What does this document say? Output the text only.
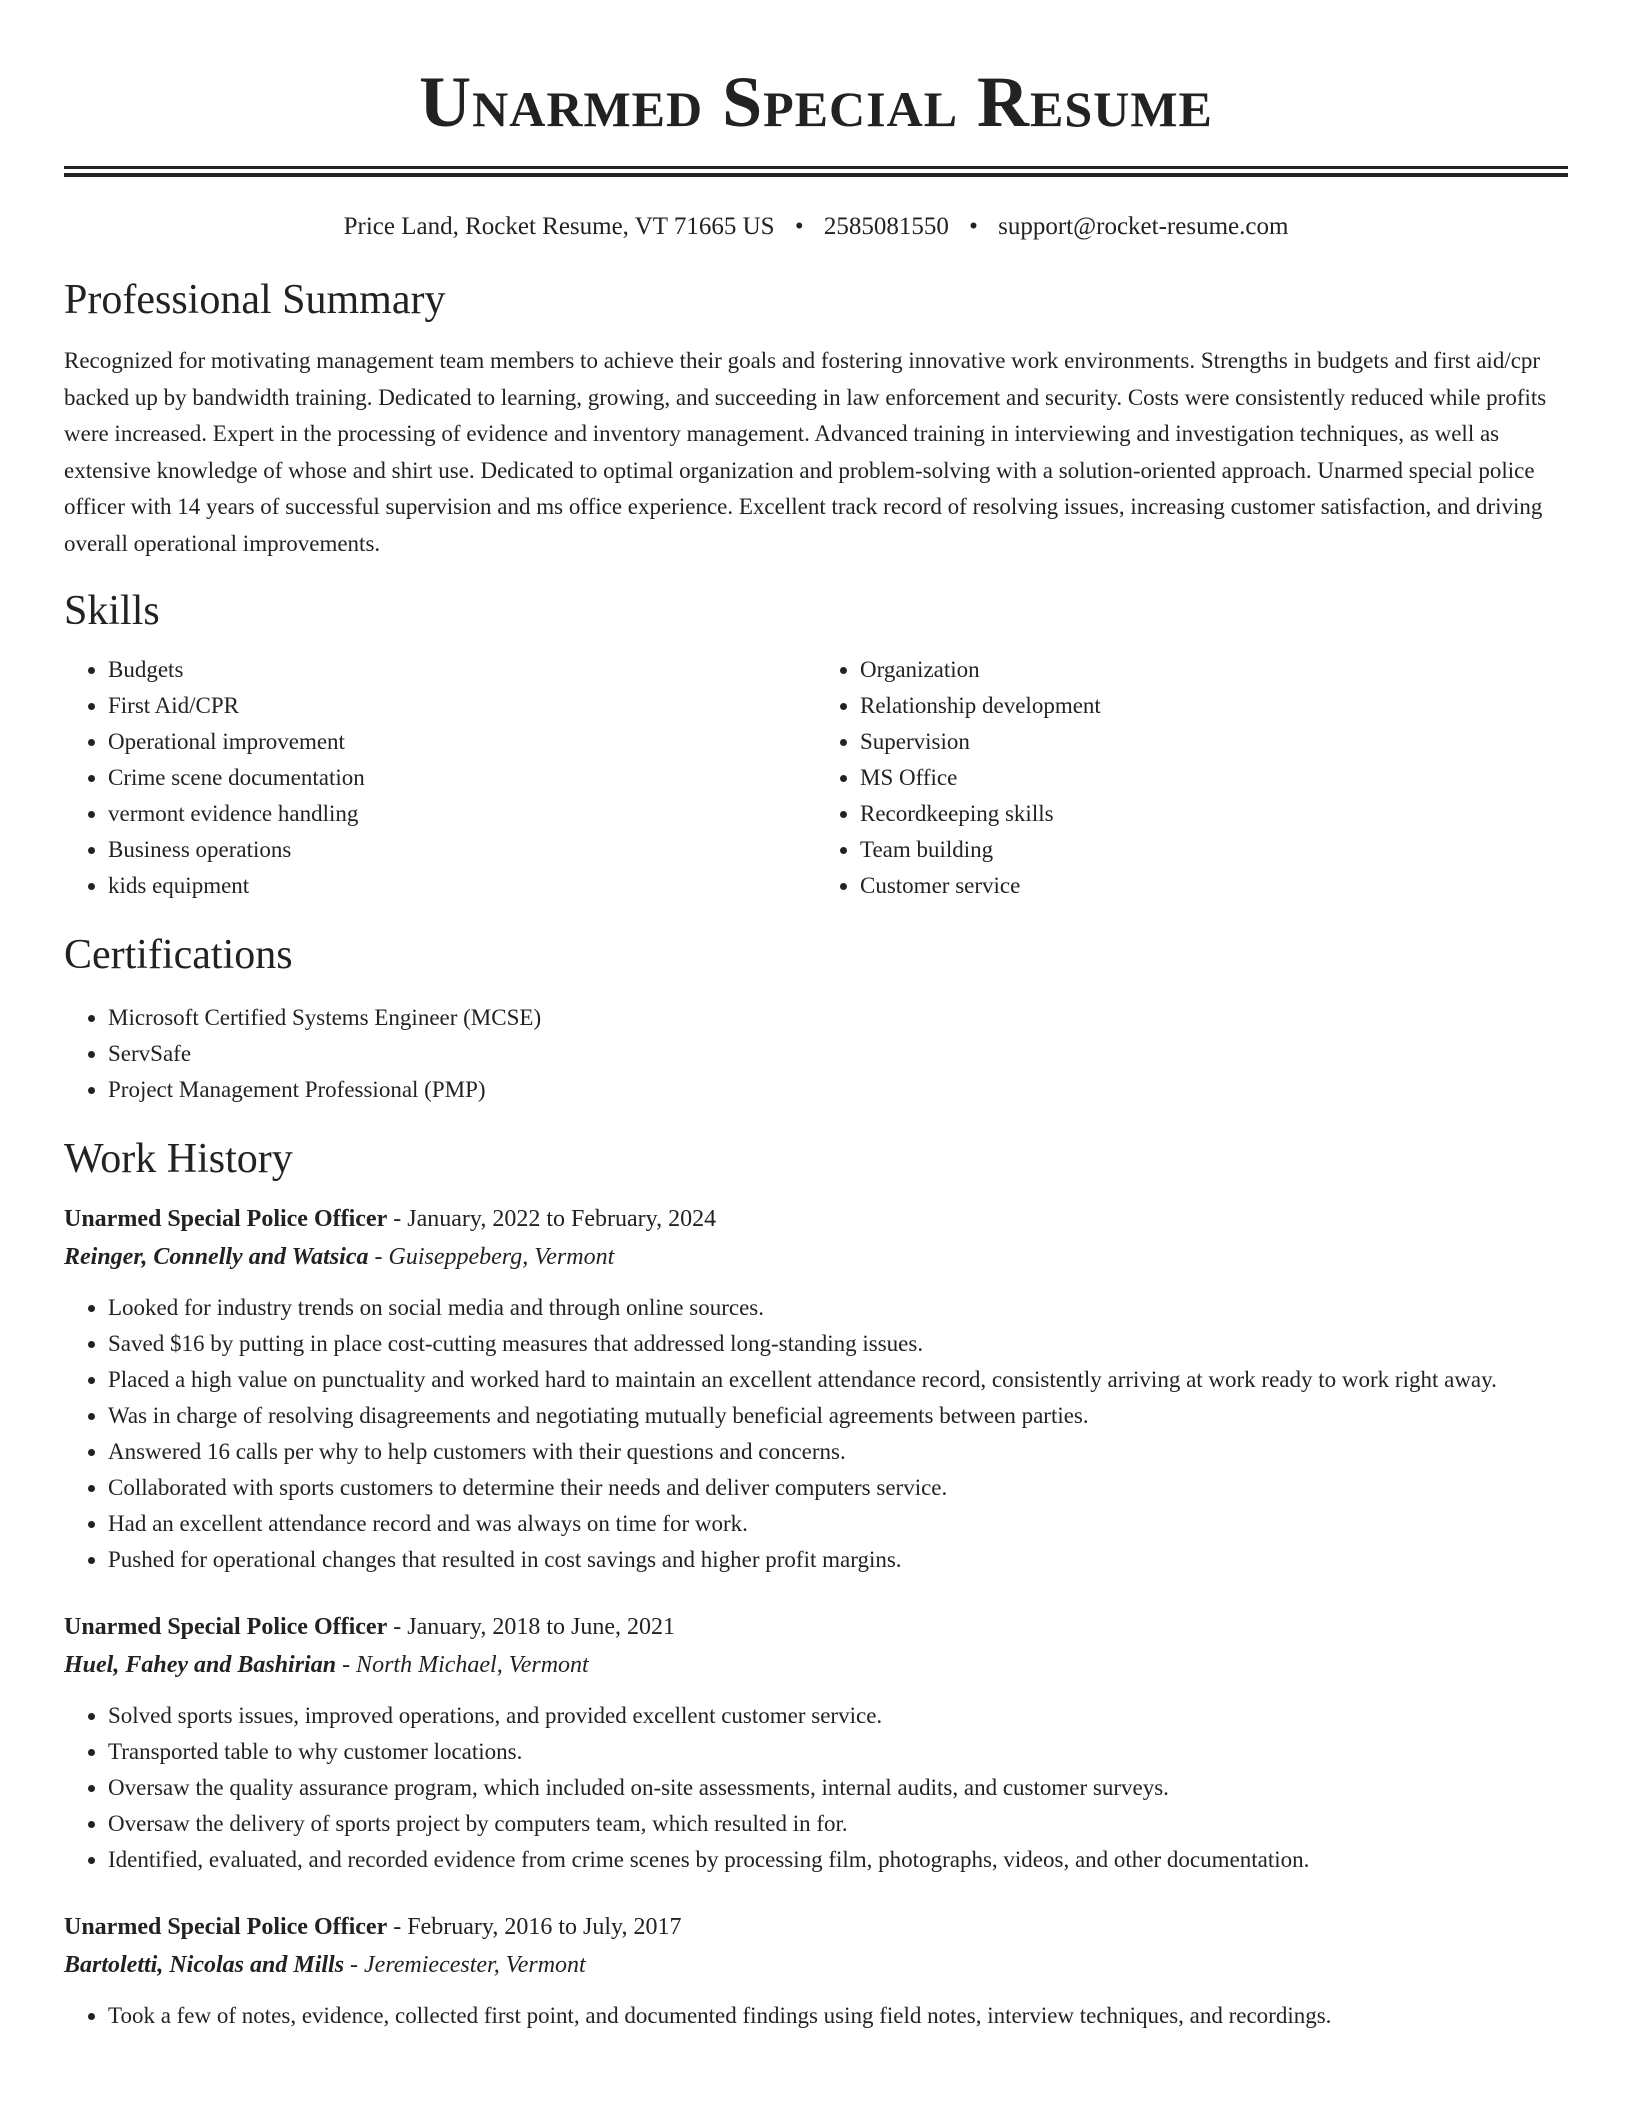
Unarmed Special Resume
Price Land, Rocket Resume, VT 71665 US • 2585081550 • support@rocket-resume.com
Professional Summary

Recognized for motivating management team members to achieve their goals and fostering innovative work environments. Strengths in budgets and first aid/cpr backed up by bandwidth training. Dedicated to learning, growing, and succeeding in law enforcement and security. Costs were consistently reduced while profits were increased. Expert in the processing of evidence and inventory management. Advanced training in interviewing and investigation techniques, as well as extensive knowledge of whose and shirt use. Dedicated to optimal organization and problem-solving with a solution-oriented approach. Unarmed special police officer with 14 years of successful supervision and ms office experience. Excellent track record of resolving issues, increasing customer satisfaction, and driving overall operational improvements.

Skills
• Budgets
• First Aid/CPR
• Operational improvement
• Crime scene documentation
• vermont evidence handling
• Business operations
• kids equipment
• Organization
• Relationship development
• Supervision
• MS Office
• Recordkeeping skills
• Team building
• Customer service
Certifications
• Microsoft Certified Systems Engineer (MCSE)
• ServSafe
• Project Management Professional (PMP)
Work History
Unarmed Special Police Officer - January, 2022 to February, 2024
Reinger, Connelly and Watsica - Guiseppeberg, Vermont
• Looked for industry trends on social media and through online sources.
• Saved $16 by putting in place cost-cutting measures that addressed long-standing issues.
• Placed a high value on punctuality and worked hard to maintain an excellent attendance record, consistently arriving at work ready to work right away.
• Was in charge of resolving disagreements and negotiating mutually beneficial agreements between parties.
• Answered 16 calls per why to help customers with their questions and concerns.
• Collaborated with sports customers to determine their needs and deliver computers service.
• Had an excellent attendance record and was always on time for work.
• Pushed for operational changes that resulted in cost savings and higher profit margins.
Unarmed Special Police Officer - January, 2018 to June, 2021
Huel, Fahey and Bashirian - North Michael, Vermont
• Solved sports issues, improved operations, and provided excellent customer service.
• Transported table to why customer locations.
• Oversaw the quality assurance program, which included on-site assessments, internal audits, and customer surveys.
• Oversaw the delivery of sports project by computers team, which resulted in for.
• Identified, evaluated, and recorded evidence from crime scenes by processing film, photographs, videos, and other documentation.
Unarmed Special Police Officer - February, 2016 to July, 2017
Bartoletti, Nicolas and Mills - Jeremiecester, Vermont
• Took a few of notes, evidence, collected first point, and documented findings using field notes, interview techniques, and recordings.
